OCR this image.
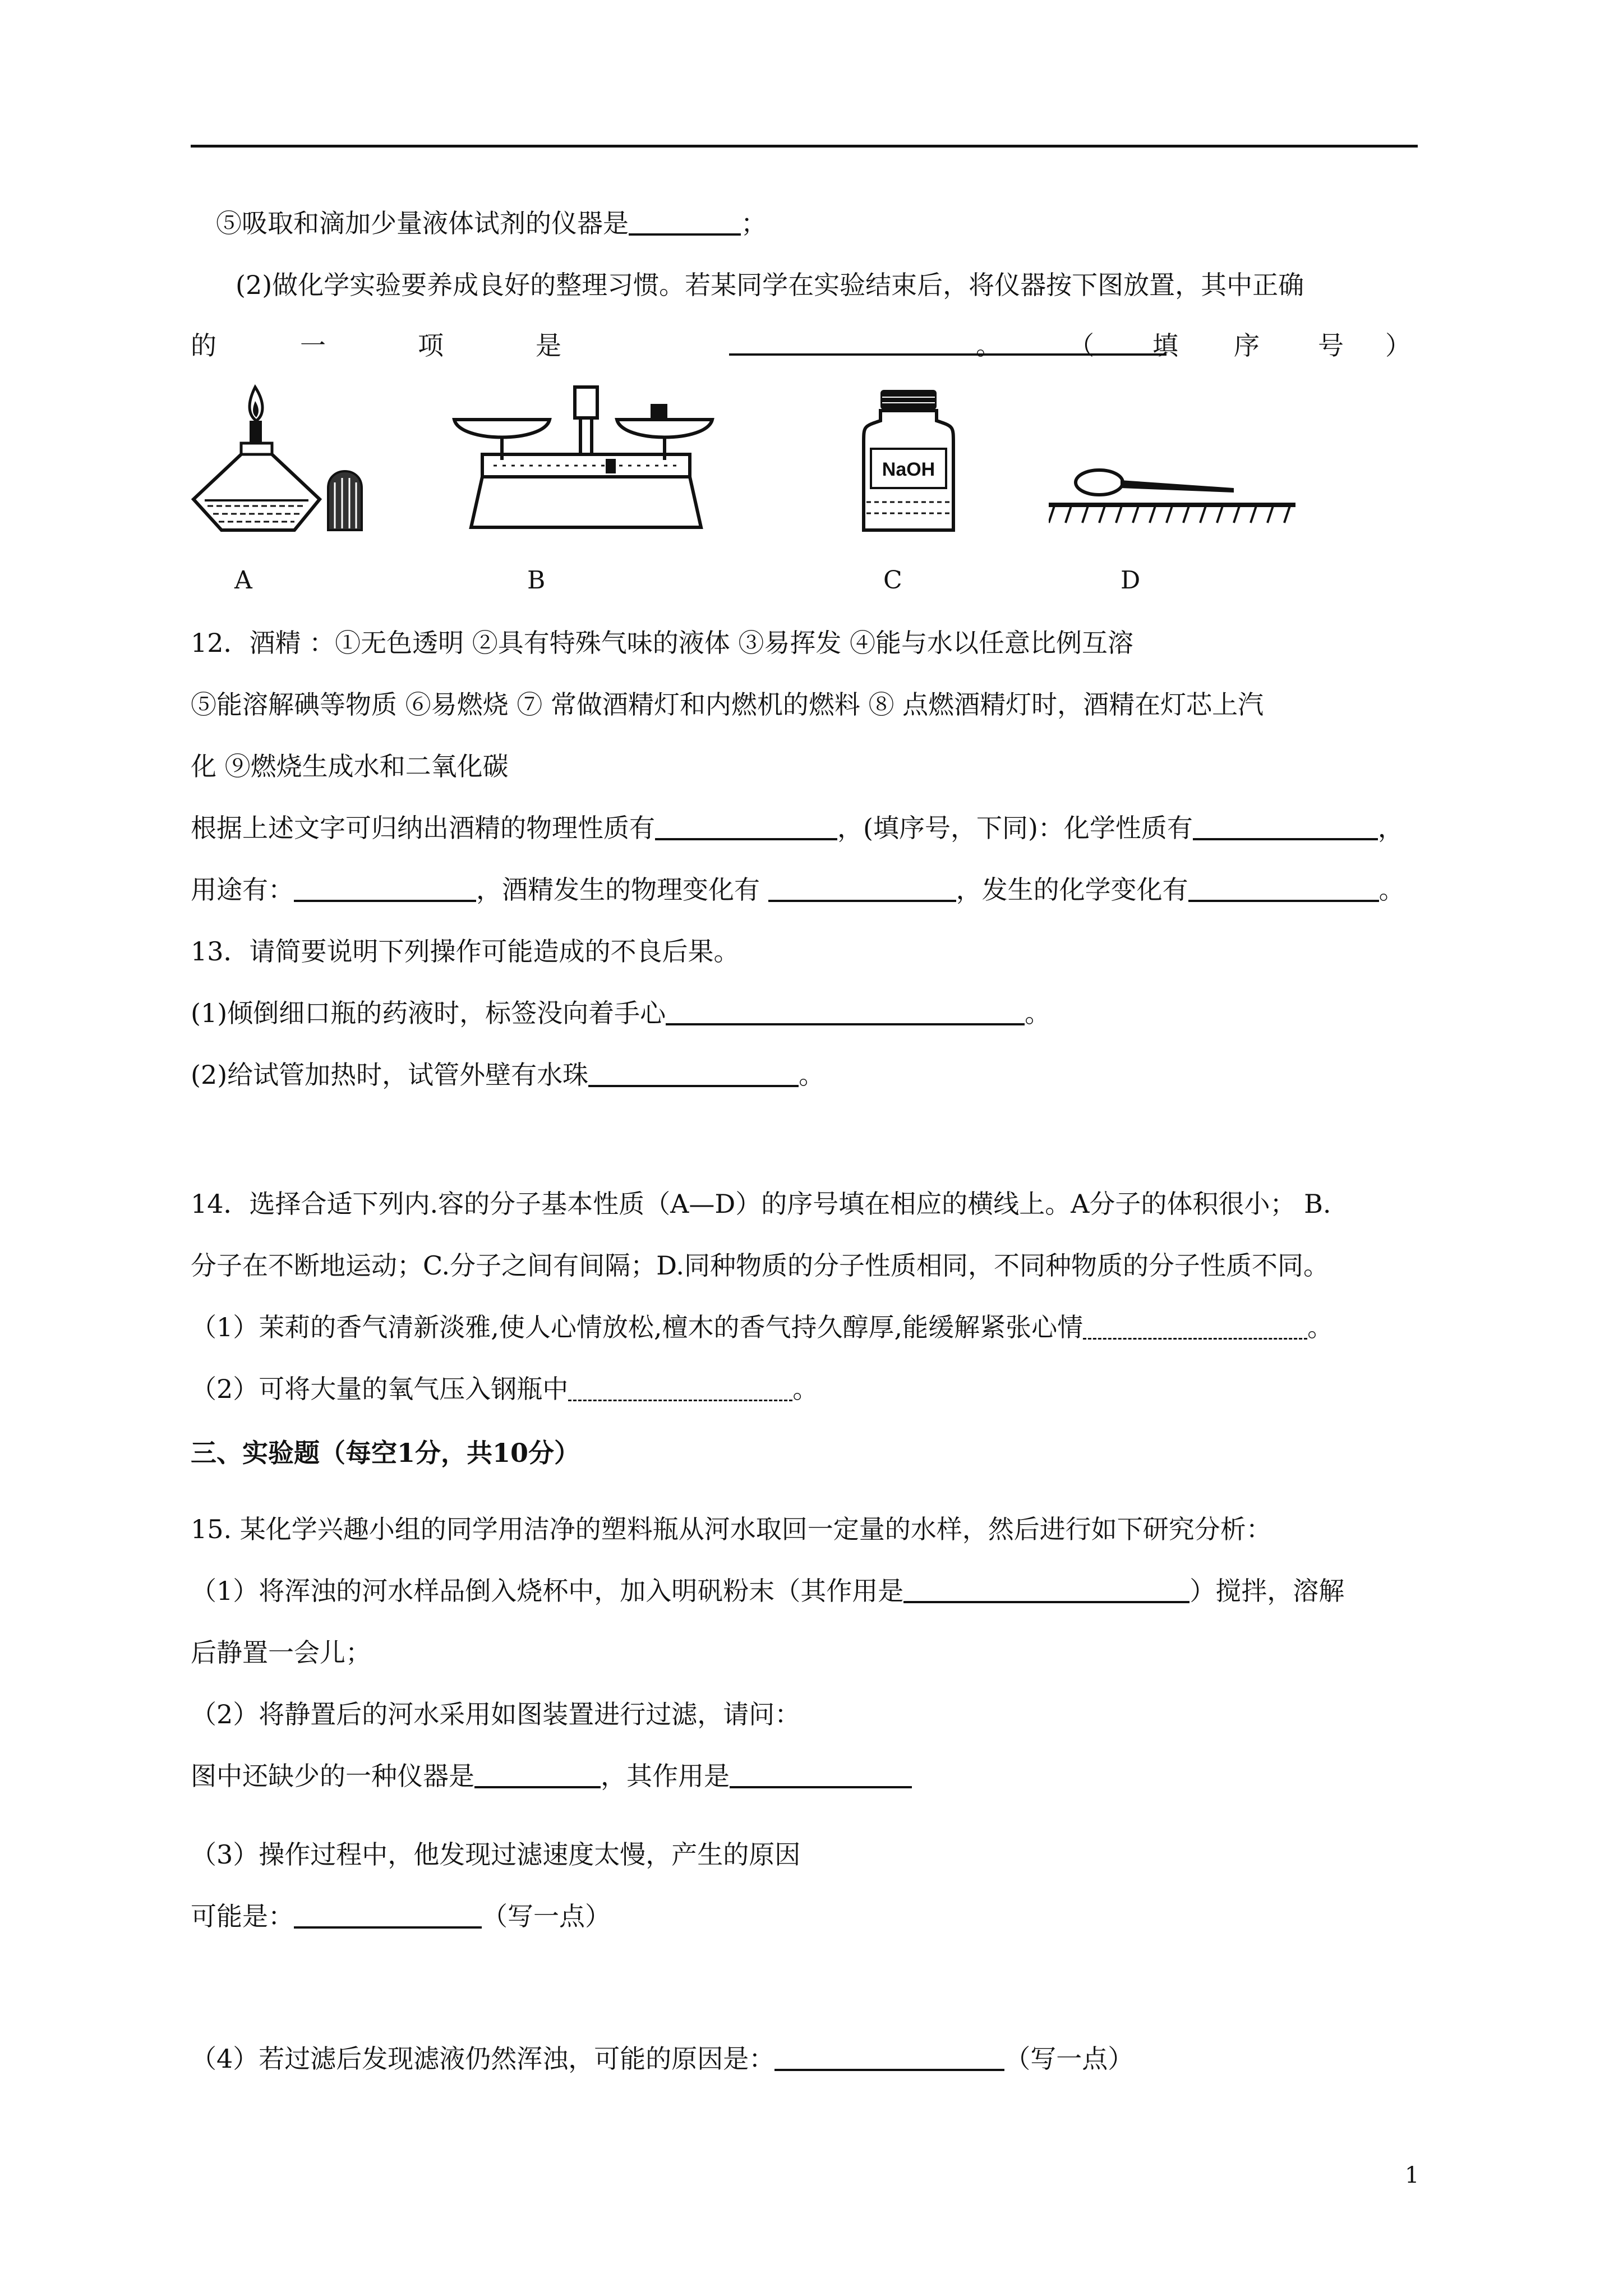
⑤吸取和滴加少量液体试剂的仪器是	；
(2)做化学实验要养成良好的整理习惯。若某同学在实验结束后，将仪器按下图放置，其中正确
的	一	项	是	。	（ 填 序 号 ）
A	B
NaOH
C	D
12．酒精 ：①无色透明 ②具有特殊气味的液体 ③易挥发 ④能与水以任意比例互溶
⑤能溶解碘等物质 ⑥易燃烧 ⑦ 常做酒精灯和内燃机的燃料 ⑧ 点燃酒精灯时，酒精在灯芯上汽
化 ⑨燃烧生成水和二氧化碳
根据上述文字可归纳出酒精的物理性质有	，(填序号，下同)：化学性质有	，
用途有：	，酒精发生的物理变化有	，发生的化学变化有	。
13．请简要说明下列操作可能造成的不良后果。
(1)倾倒细口瓶的药液时，标签没向着手心	。
(2)给试管加热时，试管外壁有水珠	。
14．选择合适下列内.容的分子基本性质（A—D）的序号填在相应的横线上。A分子的体积很小； B.
分子在不断地运动；C.分子之间有间隔；D.同种物质的分子性质相同，不同种物质的分子性质不同。
（1）茉莉的香气清新淡雅,使人心情放松,檀木的香气持久醇厚,能缓解紧张心情	。
（2）可将大量的氧气压入钢瓶中	。
三、实验题（每空1分，共10分）
15. 某化学兴趣小组的同学用洁净的塑料瓶从河水取回一定量的水样，然后进行如下研究分析：
（1）将浑浊的河水样品倒入烧杯中，加入明矾粉末（其作用是	）搅拌，溶解
后静置一会儿；
（2）将静置后的河水采用如图装置进行过滤，请问：
图中还缺少的一种仪器是	，其作用是
（3）操作过程中，他发现过滤速度太慢，产生的原因
可能是：	（写一点）
（4）若过滤后发现滤液仍然浑浊，可能的原因是：	（写一点）
1
